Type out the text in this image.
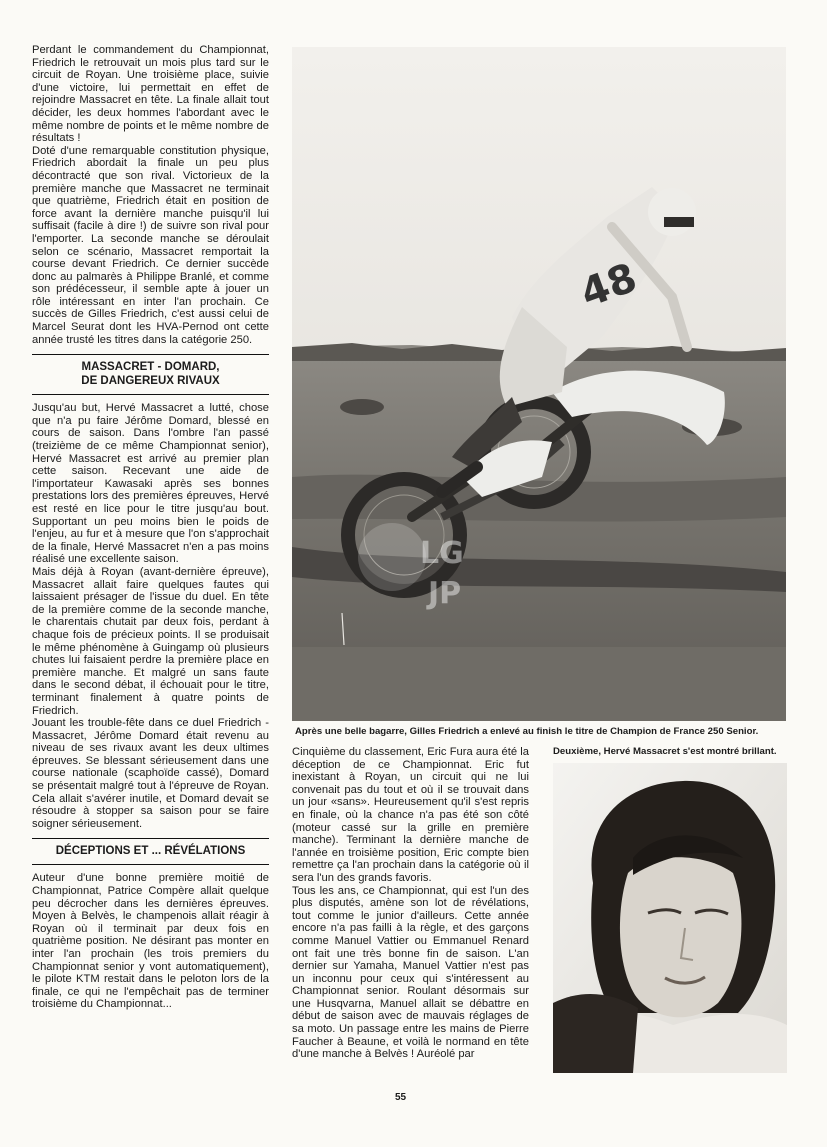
Perdant le commandement du Championnat, Friedrich le retrouvait un mois plus tard sur le circuit de Royan. Une troisième place, suivie d'une victoire, lui permettait en effet de rejoindre Massacret en tête. La finale allait tout décider, les deux hommes l'abordant avec le même nombre de points et le même nombre de résultats !

Doté d'une remarquable constitution physique, Friedrich abordait la finale un peu plus décontracté que son rival. Victorieux de la première manche que Massacret ne terminait que quatrième, Friedrich était en position de force avant la dernière manche puisqu'il lui suffisait (facile à dire !) de suivre son rival pour l'emporter. La seconde manche se déroulait selon ce scénario, Massacret remportait la course devant Friedrich. Ce dernier succède donc au palmarès à Philippe Branlé, et comme son prédécesseur, il semble apte à jouer un rôle intéressant en inter l'an prochain. Ce succès de Gilles Friedrich, c'est aussi celui de Marcel Seurat dont les HVA-Pernod ont cette année trusté les titres dans la catégorie 250.

MASSACRET - DOMARD,
DE DANGEREUX RIVAUX

Jusqu'au but, Hervé Massacret a lutté, chose que n'a pu faire Jérôme Domard, blessé en cours de saison. Dans l'ombre l'an passé (treizième de ce même Championnat senior), Hervé Massacret est arrivé au premier plan cette saison. Recevant une aide de l'importateur Kawasaki après ses bonnes prestations lors des premières épreuves, Hervé est resté en lice pour le titre jusqu'au bout. Supportant un peu moins bien le poids de l'enjeu, au fur et à mesure que l'on s'approchait de la finale, Hervé Massacret n'en a pas moins réalisé une excellente saison.

Mais déjà à Royan (avant-dernière épreuve), Massacret allait faire quelques fautes qui laissaient présager de l'issue du duel. En tête de la première comme de la seconde manche, le charentais chutait par deux fois, perdant à chaque fois de précieux points. Il se produisait le même phénomène à Guingamp où plusieurs chutes lui faisaient perdre la première place en première manche. Et malgré un sans faute dans le second débat, il échouait pour le titre, terminant finalement à quatre points de Friedrich.

Jouant les trouble-fête dans ce duel Friedrich - Massacret, Jérôme Domard était revenu au niveau de ses rivaux avant les deux ultimes épreuves. Se blessant sérieusement dans une course nationale (scaphoïde cassé), Domard se présentait malgré tout à l'épreuve de Royan. Cela allait s'avérer inutile, et Domard devait se résoudre à stopper sa saison pour se faire soigner sérieusement.

DÉCEPTIONS ET ... RÉVÉLATIONS

Auteur d'une bonne première moitié de Championnat, Patrice Compère allait quelque peu décrocher dans les dernières épreuves. Moyen à Belvès, le champenois allait réagir à Royan où il terminait par deux fois en quatrième position. Ne désirant pas monter en inter l'an prochain (les trois premiers du Championnat senior y vont automatiquement), le pilote KTM restait dans le peloton lors de la finale, ce qui ne l'empêchait pas de terminer troisième du Championnat...

48
LG
JP
Après une belle bagarre, Gilles Friedrich a enlevé au finish le titre de Champion de France 250 Senior.

Cinquième du classement, Eric Fura aura été la déception de ce Championnat. Eric fut inexistant à Royan, un circuit qui ne lui convenait pas du tout et où il se trouvait dans un jour «sans». Heureusement qu'il s'est repris en finale, où la chance n'a pas été son côté (moteur cassé sur la grille en première manche). Terminant la dernière manche de l'année en troisième position, Eric compte bien remettre ça l'an prochain dans la catégorie où il sera l'un des grands favoris.

Tous les ans, ce Championnat, qui est l'un des plus disputés, amène son lot de révélations, tout comme le junior d'ailleurs. Cette année encore n'a pas failli à la règle, et des garçons comme Manuel Vattier ou Emmanuel Renard ont fait une très bonne fin de saison. L'an dernier sur Yamaha, Manuel Vattier n'est pas un inconnu pour ceux qui s'intéressent au Championnat senior. Roulant désormais sur une Husqvarna, Manuel allait se débattre en début de saison avec de mauvais réglages de sa moto. Un passage entre les mains de Pierre Faucher à Beaune, et voilà le normand en tête d'une manche à Belvès ! Auréolé par

Deuxième, Hervé Massacret s'est montré brillant.
55
